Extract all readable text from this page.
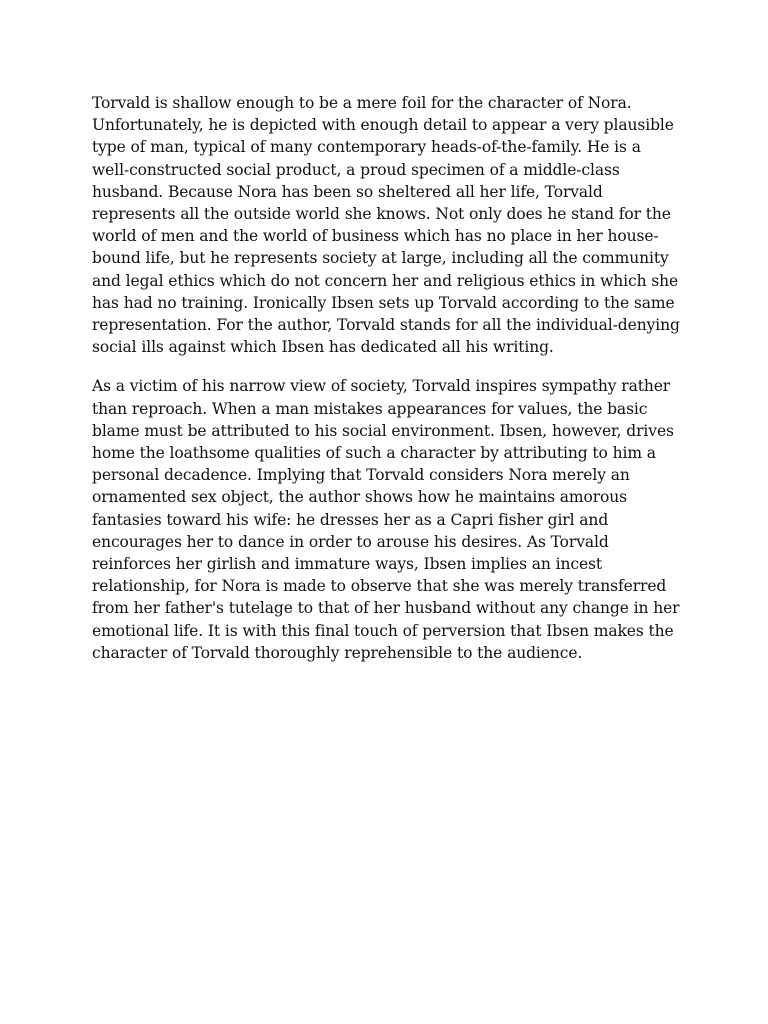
Torvald is shallow enough to be a mere foil for the character of Nora. Unfortunately, he is depicted with enough detail to appear a very plausible type of man, typical of many contemporary heads-of-the-family. He is a well-constructed social product, a proud specimen of a middle-class husband. Because Nora has been so sheltered all her life, Torvald represents all the outside world she knows. Not only does he stand for the world of men and the world of business which has no place in her house-bound life, but he represents society at large, including all the community and legal ethics which do not concern her and religious ethics in which she has had no training. Ironically Ibsen sets up Torvald according to the same representation. For the author, Torvald stands for all the individual-denying social ills against which Ibsen has dedicated all his writing.

As a victim of his narrow view of society, Torvald inspires sympathy rather than reproach. When a man mistakes appearances for values, the basic blame must be attributed to his social environment. Ibsen, however, drives home the loathsome qualities of such a character by attributing to him a personal decadence. Implying that Torvald considers Nora merely an ornamented sex object, the author shows how he maintains amorous fantasies toward his wife: he dresses her as a Capri fisher girl and encourages her to dance in order to arouse his desires. As Torvald reinforces her girlish and immature ways, Ibsen implies an incest relationship, for Nora is made to observe that she was merely transferred from her father's tutelage to that of her husband without any change in her emotional life. It is with this final touch of perversion that Ibsen makes the character of Torvald thoroughly reprehensible to the audience.
